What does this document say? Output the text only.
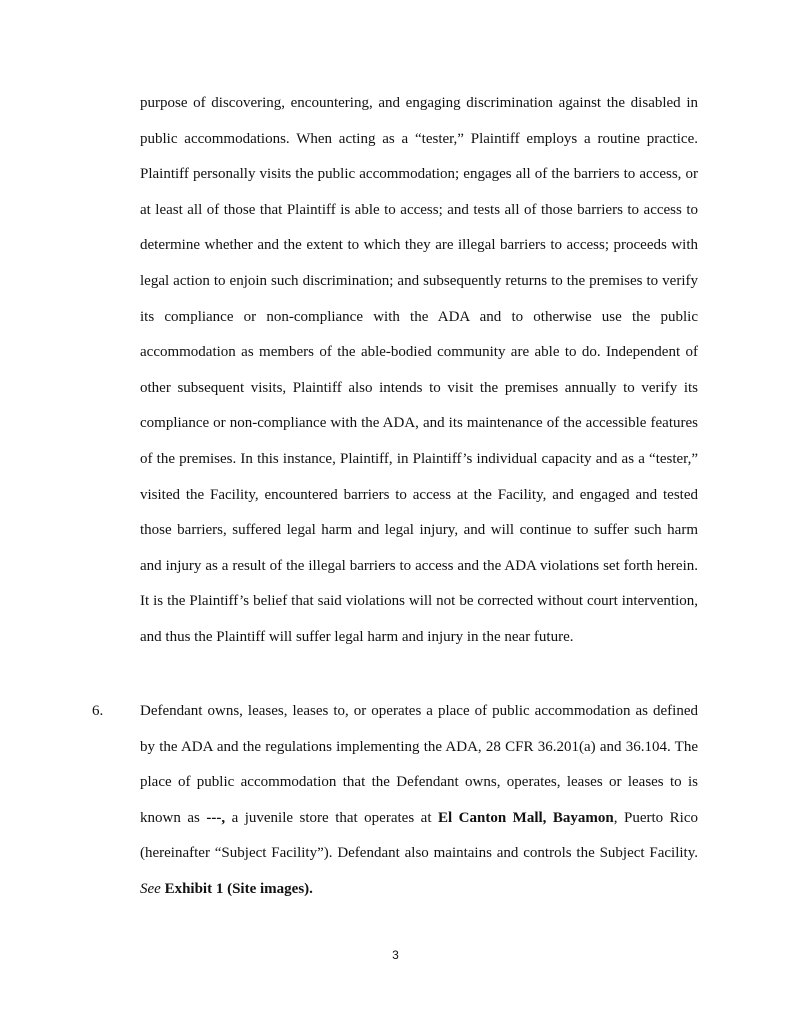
purpose of discovering, encountering, and engaging discrimination against the disabled in public accommodations. When acting as a “tester,” Plaintiff employs a routine practice. Plaintiff personally visits the public accommodation; engages all of the barriers to access, or at least all of those that Plaintiff is able to access; and tests all of those barriers to access to determine whether and the extent to which they are illegal barriers to access; proceeds with legal action to enjoin such discrimination; and subsequently returns to the premises to verify its compliance or non-compliance with the ADA and to otherwise use the public accommodation as members of the able-bodied community are able to do. Independent of other subsequent visits, Plaintiff also intends to visit the premises annually to verify its compliance or non-compliance with the ADA, and its maintenance of the accessible features of the premises. In this instance, Plaintiff, in Plaintiff’s individual capacity and as a “tester,” visited the Facility, encountered barriers to access at the Facility, and engaged and tested those barriers, suffered legal harm and legal injury, and will continue to suffer such harm and injury as a result of the illegal barriers to access and the ADA violations set forth herein. It is the Plaintiff’s belief that said violations will not be corrected without court intervention, and thus the Plaintiff will suffer legal harm and injury in the near future.

6. Defendant owns, leases, leases to, or operates a place of public accommodation as defined by the ADA and the regulations implementing the ADA, 28 CFR 36.201(a) and 36.104. The place of public accommodation that the Defendant owns, operates, leases or leases to is known as ---, a juvenile store that operates at El Canton Mall, Bayamon, Puerto Rico (hereinafter “Subject Facility”). Defendant also maintains and controls the Subject Facility. See Exhibit 1 (Site images).

3
